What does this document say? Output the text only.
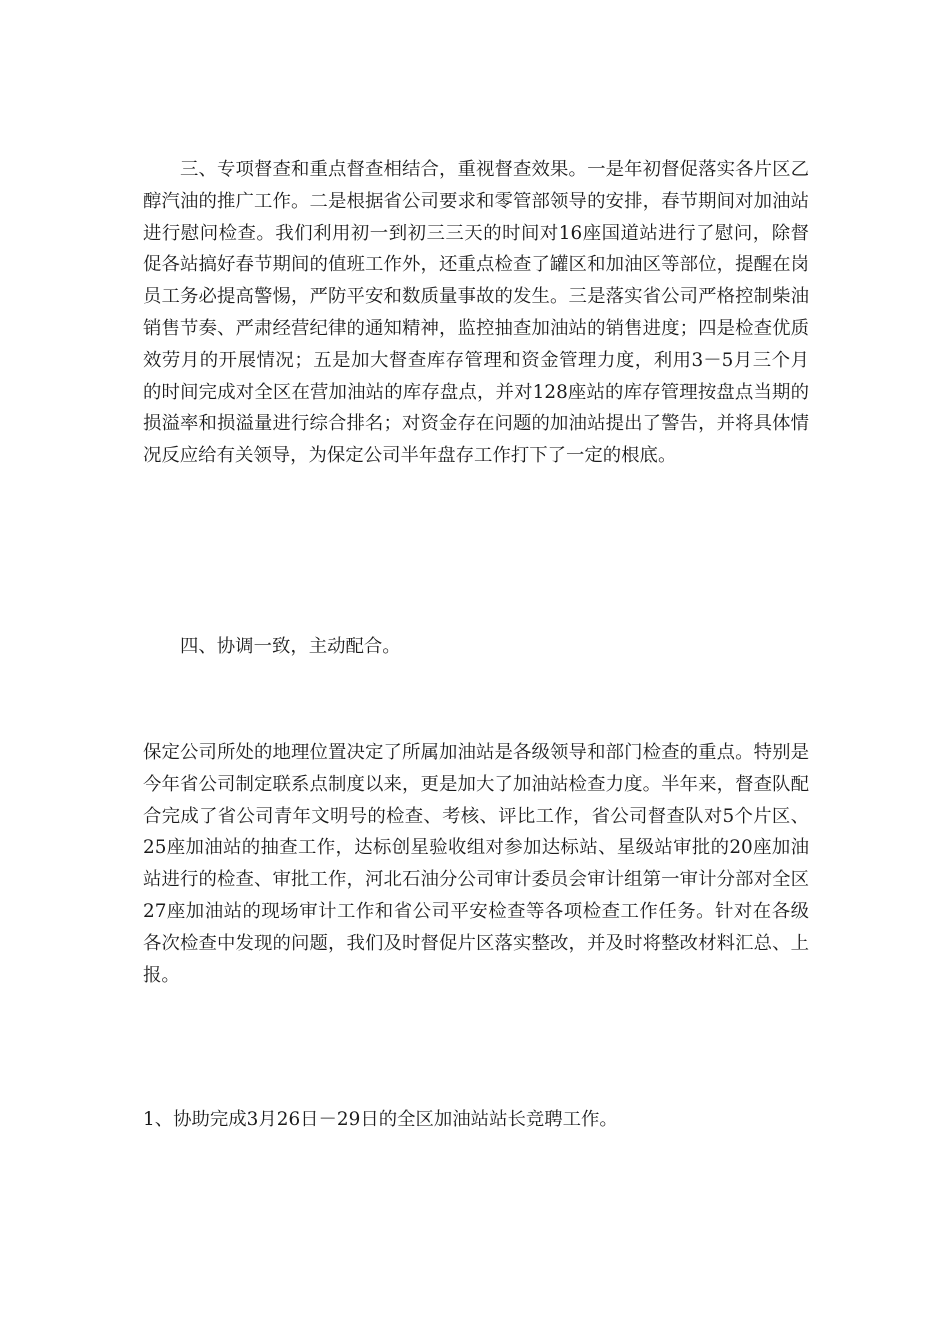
三、专项督查和重点督查相结合，重视督查效果。一是年初督促落实各片区乙醇汽油的推广工作。二是根据省公司要求和零管部领导的安排，春节期间对加油站进行慰问检查。我们利用初一到初三三天的时间对16座国道站进行了慰问，除督促各站搞好春节期间的值班工作外，还重点检查了罐区和加油区等部位，提醒在岗员工务必提高警惕，严防平安和数质量事故的发生。三是落实省公司严格控制柴油销售节奏、严肃经营纪律的通知精神，监控抽查加油站的销售进度；四是检查优质效劳月的开展情况；五是加大督查库存管理和资金管理力度，利用3－5月三个月的时间完成对全区在营加油站的库存盘点，并对128座站的库存管理按盘点当期的损溢率和损溢量进行综合排名；对资金存在问题的加油站提出了警告，并将具体情况反应给有关领导，为保定公司半年盘存工作打下了一定的根底。

四、协调一致，主动配合。

保定公司所处的地理位置决定了所属加油站是各级领导和部门检查的重点。特别是今年省公司制定联系点制度以来，更是加大了加油站检查力度。半年来，督查队配合完成了省公司青年文明号的检查、考核、评比工作，省公司督查队对5个片区、25座加油站的抽查工作，达标创星验收组对参加达标站、星级站审批的20座加油站进行的检查、审批工作，河北石油分公司审计委员会审计组第一审计分部对全区27座加油站的现场审计工作和省公司平安检查等各项检查工作任务。针对在各级各次检查中发现的问题，我们及时督促片区落实整改，并及时将整改材料汇总、上报。

1、协助完成3月26日－29日的全区加油站站长竞聘工作。
